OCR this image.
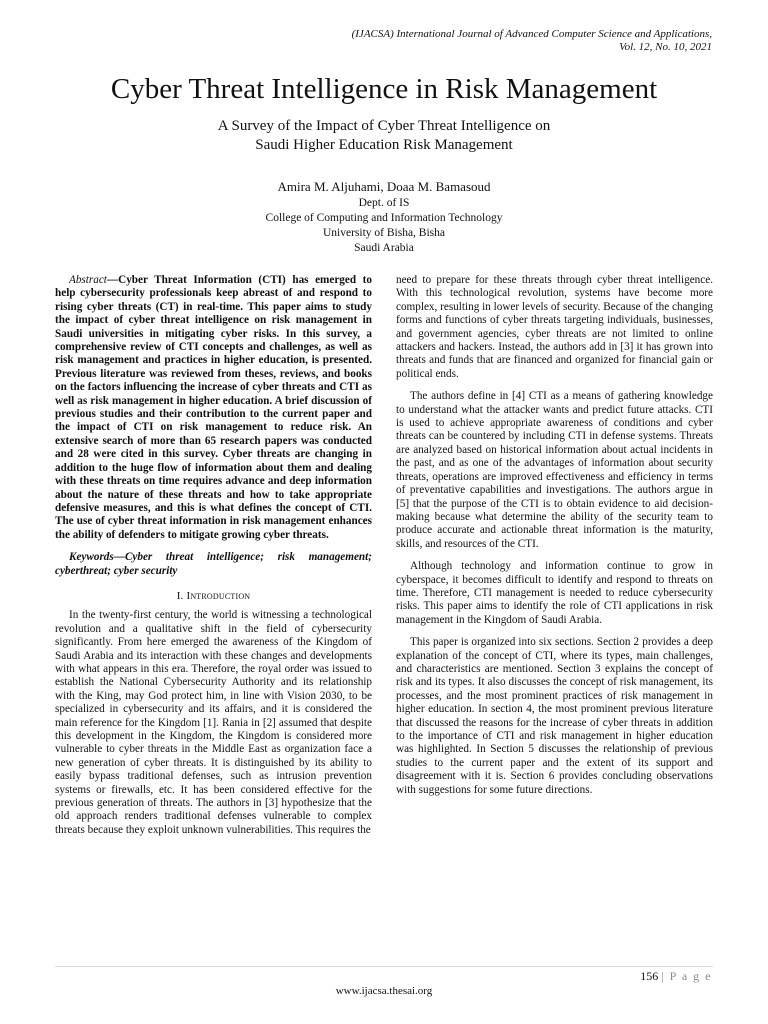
(IJACSA) International Journal of Advanced Computer Science and Applications,
Vol. 12, No. 10, 2021
Cyber Threat Intelligence in Risk Management
A Survey of the Impact of Cyber Threat Intelligence on
Saudi Higher Education Risk Management
Amira M. Aljuhami, Doaa M. Bamasoud
Dept. of IS
College of Computing and Information Technology
University of Bisha, Bisha
Saudi Arabia

Abstract—Cyber Threat Information (CTI) has emerged to help cybersecurity professionals keep abreast of and respond to rising cyber threats (CT) in real-time. This paper aims to study the impact of cyber threat intelligence on risk management in Saudi universities in mitigating cyber risks. In this survey, a comprehensive review of CTI concepts and challenges, as well as risk management and practices in higher education, is presented. Previous literature was reviewed from theses, reviews, and books on the factors influencing the increase of cyber threats and CTI as well as risk management in higher education. A brief discussion of previous studies and their contribution to the current paper and the impact of CTI on risk management to reduce risk. An extensive search of more than 65 research papers was conducted and 28 were cited in this survey. Cyber threats are changing in addition to the huge flow of information about them and dealing with these threats on time requires advance and deep information about the nature of these threats and how to take appropriate defensive measures, and this is what defines the concept of CTI. The use of cyber threat information in risk management enhances the ability of defenders to mitigate growing cyber threats.

Keywords—Cyber threat intelligence; risk management; cyberthreat; cyber security

I. Introduction

In the twenty-first century, the world is witnessing a technological revolution and a qualitative shift in the field of cybersecurity significantly. From here emerged the awareness of the Kingdom of Saudi Arabia and its interaction with these changes and developments with what appears in this era. Therefore, the royal order was issued to establish the National Cybersecurity Authority and its relationship with the King, may God protect him, in line with Vision 2030, to be specialized in cybersecurity and its affairs, and it is considered the main reference for the Kingdom [1]. Rania in [2] assumed that despite this development in the Kingdom, the Kingdom is considered more vulnerable to cyber threats in the Middle East as organization face a new generation of cyber threats. It is distinguished by its ability to easily bypass traditional defenses, such as intrusion prevention systems or firewalls, etc. It has been considered effective for the previous generation of threats. The authors in [3] hypothesize that the old approach renders traditional defenses vulnerable to complex threats because they exploit unknown vulnerabilities. This requires the

need to prepare for these threats through cyber threat intelligence. With this technological revolution, systems have become more complex, resulting in lower levels of security. Because of the changing forms and functions of cyber threats targeting individuals, businesses, and government agencies, cyber threats are not limited to online attackers and hackers. Instead, the authors add in [3] it has grown into threats and funds that are financed and organized for financial gain or political ends.

The authors define in [4] CTI as a means of gathering knowledge to understand what the attacker wants and predict future attacks. CTI is used to achieve appropriate awareness of conditions and cyber threats can be countered by including CTI in defense systems. Threats are analyzed based on historical information about actual incidents in the past, and as one of the advantages of information about security threats, operations are improved effectiveness and efficiency in terms of preventative capabilities and investigations. The authors argue in [5] that the purpose of the CTI is to obtain evidence to aid decision-making because what determine the ability of the security team to produce accurate and actionable threat information is the maturity, skills, and resources of the CTI.

Although technology and information continue to grow in cyberspace, it becomes difficult to identify and respond to threats on time. Therefore, CTI management is needed to reduce cybersecurity risks. This paper aims to identify the role of CTI applications in risk management in the Kingdom of Saudi Arabia.

This paper is organized into six sections. Section 2 provides a deep explanation of the concept of CTI, where its types, main challenges, and characteristics are mentioned. Section 3 explains the concept of risk and its types. It also discusses the concept of risk management, its processes, and the most prominent practices of risk management in higher education. In section 4, the most prominent previous literature that discussed the reasons for the increase of cyber threats in addition to the importance of CTI and risk management in higher education was highlighted. In Section 5 discusses the relationship of previous studies to the current paper and the extent of its support and disagreement with it is. Section 6 provides concluding observations with suggestions for some future directions.

156 | P a g e
www.ijacsa.thesai.org
